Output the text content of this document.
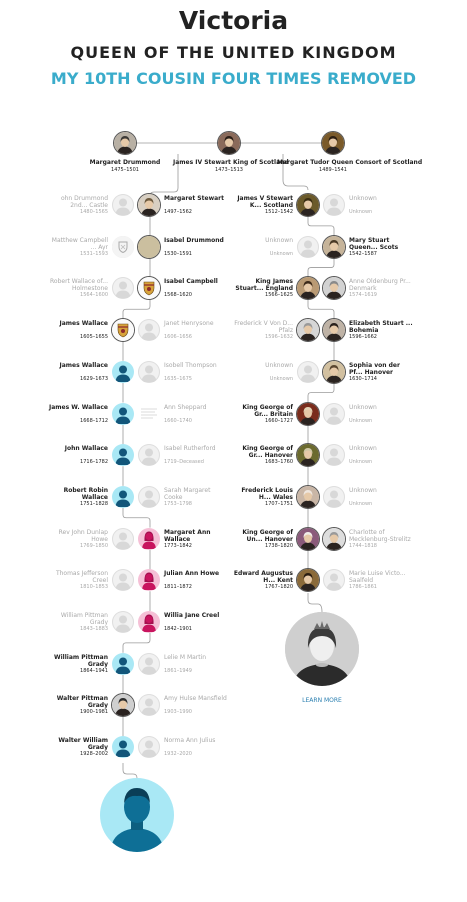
Victoria
QUEEN OF THE UNITED KINGDOM
MY 10TH COUSIN FOUR TIMES REMOVED
Margaret Drummond
1475–1501
James IV Stewart King of Scotland
1473–1513
Margaret Tudor Queen Consort of Scotland
1489–1541
ohn Drummond 2nd... Castle
1480–1565
Margaret Stewart
1497–1562
Matthew Campbell ... Ayr
1531–1593
Isabel Drummond
1530–1591
Robert Wallace of... Holmestone
1564–1600
Isabel Campbell
1568–1620
James Wallace
1605–1655
Janet Henrysone
1606–1656
James Wallace
1629–1673
Isobell Thompson
1635–1675
James W. Wallace
1668–1712
Ann Sheppard
1660–1740
John Wallace
1716–1782
Isabel Rutherford
1719–Deceased
Robert Robin Wallace
1751–1828
Sarah Margaret Cooke
1753–1798
Rev John Dunlap Howe
1769–1850
Margaret Ann Wallace
1773–1842
Thomas Jefferson Creel
1810–1853
Julian Ann Howe
1811–1872
William Pittman Grady
1843–1883
Willia Jane Creel
1842–1901
William Pittman Grady
1864–1941
Lelie M Martin
1861–1949
Walter Pittman Grady
1900–1981
Amy Hulse Mansfield
1903–1990
Walter William Grady
1928–2002
Norma Ann Julius
1932–2020
James V Stewart K... Scotland
1512–1542
Unknown
Unknown
Unknown
Unknown
Mary Stuart Queen... Scots
1542–1587
King James Stuart... England
1566–1625
Anne Oldenburg Pr... Denmark
1574–1619
Frederick V Von D... Pfalz
1596–1632
Elizabeth Stuart ... Bohemia
1596–1662
Unknown
Unknown
Sophia von der Pf... Hanover
1630–1714
King George of Gr... Britain
1660–1727
Unknown
Unknown
King George of Gr... Hanover
1683–1760
Unknown
Unknown
Frederick Louis H... Wales
1707–1751
Unknown
Unknown
King George of Un... Hanover
1738–1820
Charlotte of Mecklenburg-Strelitz
1744–1818
Edward Augustus H... Kent
1767–1820
Marie Luise Victo... Saalfeld
1786–1861
LEARN MORE
